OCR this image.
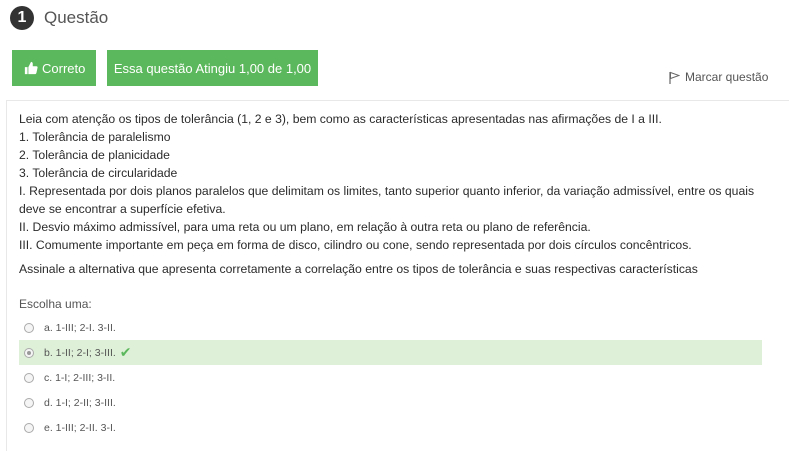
1	Questão
Correto Essa questão Atingiu 1,00 de 1,00
Marcar questão

Leia com atenção os tipos de tolerância (1, 2 e 3), bem como as características apresentadas nas afirmações de I a III.

1. Tolerância de paralelismo

2. Tolerância de planicidade

3. Tolerância de circularidade

I. Representada por dois planos paralelos que delimitam os limites, tanto superior quanto inferior, da variação admissível, entre os quais deve se encontrar a superfície efetiva.

II. Desvio máximo admissível, para uma reta ou um plano, em relação à outra reta ou plano de referência.

III. Comumente importante em peça em forma de disco, cilindro ou cone, sendo representada por dois círculos concêntricos.

Assinale a alternativa que apresenta corretamente a correlação entre os tipos de tolerância e suas respectivas características

Escolha uma:
a. 1-III; 2-I. 3-II.
b. 1-II; 2-I; 3-III. ✔
c. 1-I; 2-III; 3-II.
d. 1-I; 2-II; 3-III.
e. 1-III; 2-II. 3-I.
